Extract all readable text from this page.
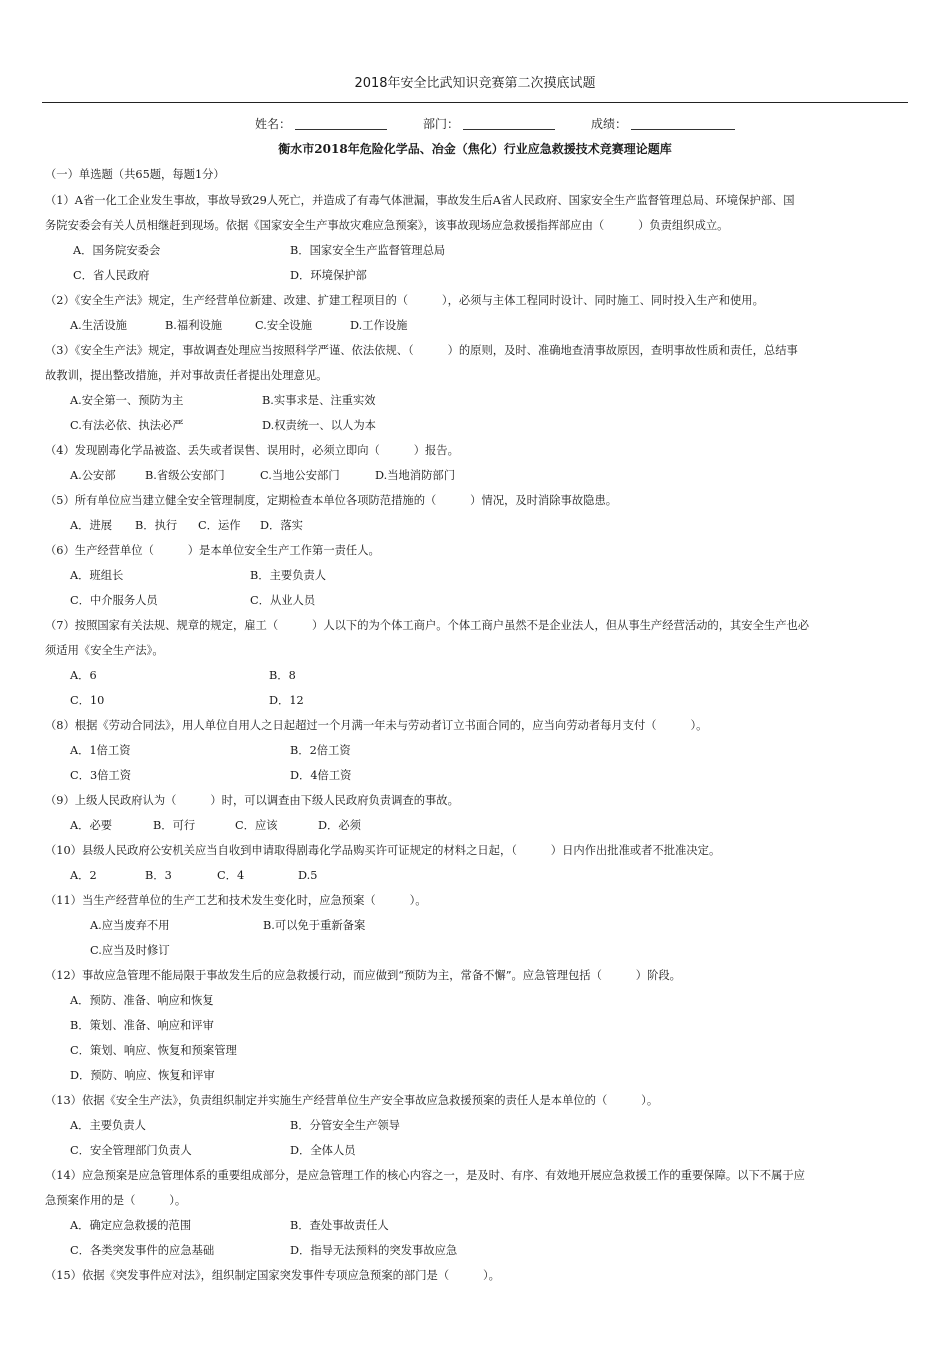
2018年安全比武知识竞赛第二次摸底试题
姓名：	部门：	成绩：
衡水市2018年危险化学品、冶金（焦化）行业应急救援技术竞赛理论题库
（一）单选题（共65题，每题1分）
（1）A省一化工企业发生事故，事故导致29人死亡，并造成了有毒气体泄漏，事故发生后A省人民政府、国家安全生产监督管理总局、环境保护部、国
务院安委会有关人员相继赶到现场。依据《国家安全生产事故灾难应急预案》，该事故现场应急救援指挥部应由（　　　）负责组织成立。
A．国务院安委会	B．国家安全生产监督管理总局
C．省人民政府	D．环境保护部
（2）《安全生产法》规定，生产经营单位新建、改建、扩建工程项目的（　　　），必须与主体工程同时设计、同时施工、同时投入生产和使用。
A.生活设施	B.福利设施	C.安全设施	D.工作设施
（3）《安全生产法》规定，事故调查处理应当按照科学严谨、依法依规、（　　　）的原则，及时、准确地查清事故原因，查明事故性质和责任，总结事
故教训，提出整改措施，并对事故责任者提出处理意见。
A.安全第一、预防为主	B.实事求是、注重实效
C.有法必依、执法必严	D.权责统一、以人为本
（4）发现剧毒化学品被盗、丢失或者误售、误用时，必须立即向（　　　）报告。
A.公安部	B.省级公安部门	C.当地公安部门	D.当地消防部门
（5）所有单位应当建立健全安全管理制度，定期检查本单位各项防范措施的（　　　）情况，及时消除事故隐患。
A．进展 B．执行 C．运作 D．落实
（6）生产经营单位（　　　）是本单位安全生产工作第一责任人。
A．班组长	B．主要负责人
C．中介服务人员	C．从业人员
（7）按照国家有关法规、规章的规定，雇工（　　　）人以下的为个体工商户。个体工商户虽然不是企业法人，但从事生产经营活动的，其安全生产也必
须适用《安全生产法》。
A．6	B．8
C．10	D．12
（8）根据《劳动合同法》，用人单位自用人之日起超过一个月满一年未与劳动者订立书面合同的，应当向劳动者每月支付（　　　）。
A．1倍工资	B．2倍工资
C．3倍工资	D．4倍工资
（9）上级人民政府认为（　　　）时，可以调查由下级人民政府负责调查的事故。
A．必要	B．可行	C．应该	D．必须
（10）县级人民政府公安机关应当自收到申请取得剧毒化学品购买许可证规定的材料之日起，（　　　）日内作出批准或者不批准决定。
A．2	B．3	C．4	D.5
（11）当生产经营单位的生产工艺和技术发生变化时，应急预案（　　　）。
A.应当废弃不用	B.可以免于重新备案
C.应当及时修订
（12）事故应急管理不能局限于事故发生后的应急救援行动，而应做到“预防为主，常备不懈”。应急管理包括（　　　）阶段。
A．预防、准备、响应和恢复
B．策划、准备、响应和评审
C．策划、响应、恢复和预案管理
D．预防、响应、恢复和评审
（13）依据《安全生产法》，负责组织制定并实施生产经营单位生产安全事故应急救援预案的责任人是本单位的（　　　）。
A．主要负责人	B．分管安全生产领导
C．安全管理部门负责人	D．全体人员
（14）应急预案是应急管理体系的重要组成部分，是应急管理工作的核心内容之一，是及时、有序、有效地开展应急救援工作的重要保障。以下不属于应
急预案作用的是（　　　）。
A．确定应急救援的范围	B．查处事故责任人
C．各类突发事件的应急基础	D．指导无法预料的突发事故应急
（15）依据《突发事件应对法》，组织制定国家突发事件专项应急预案的部门是（　　　）。
